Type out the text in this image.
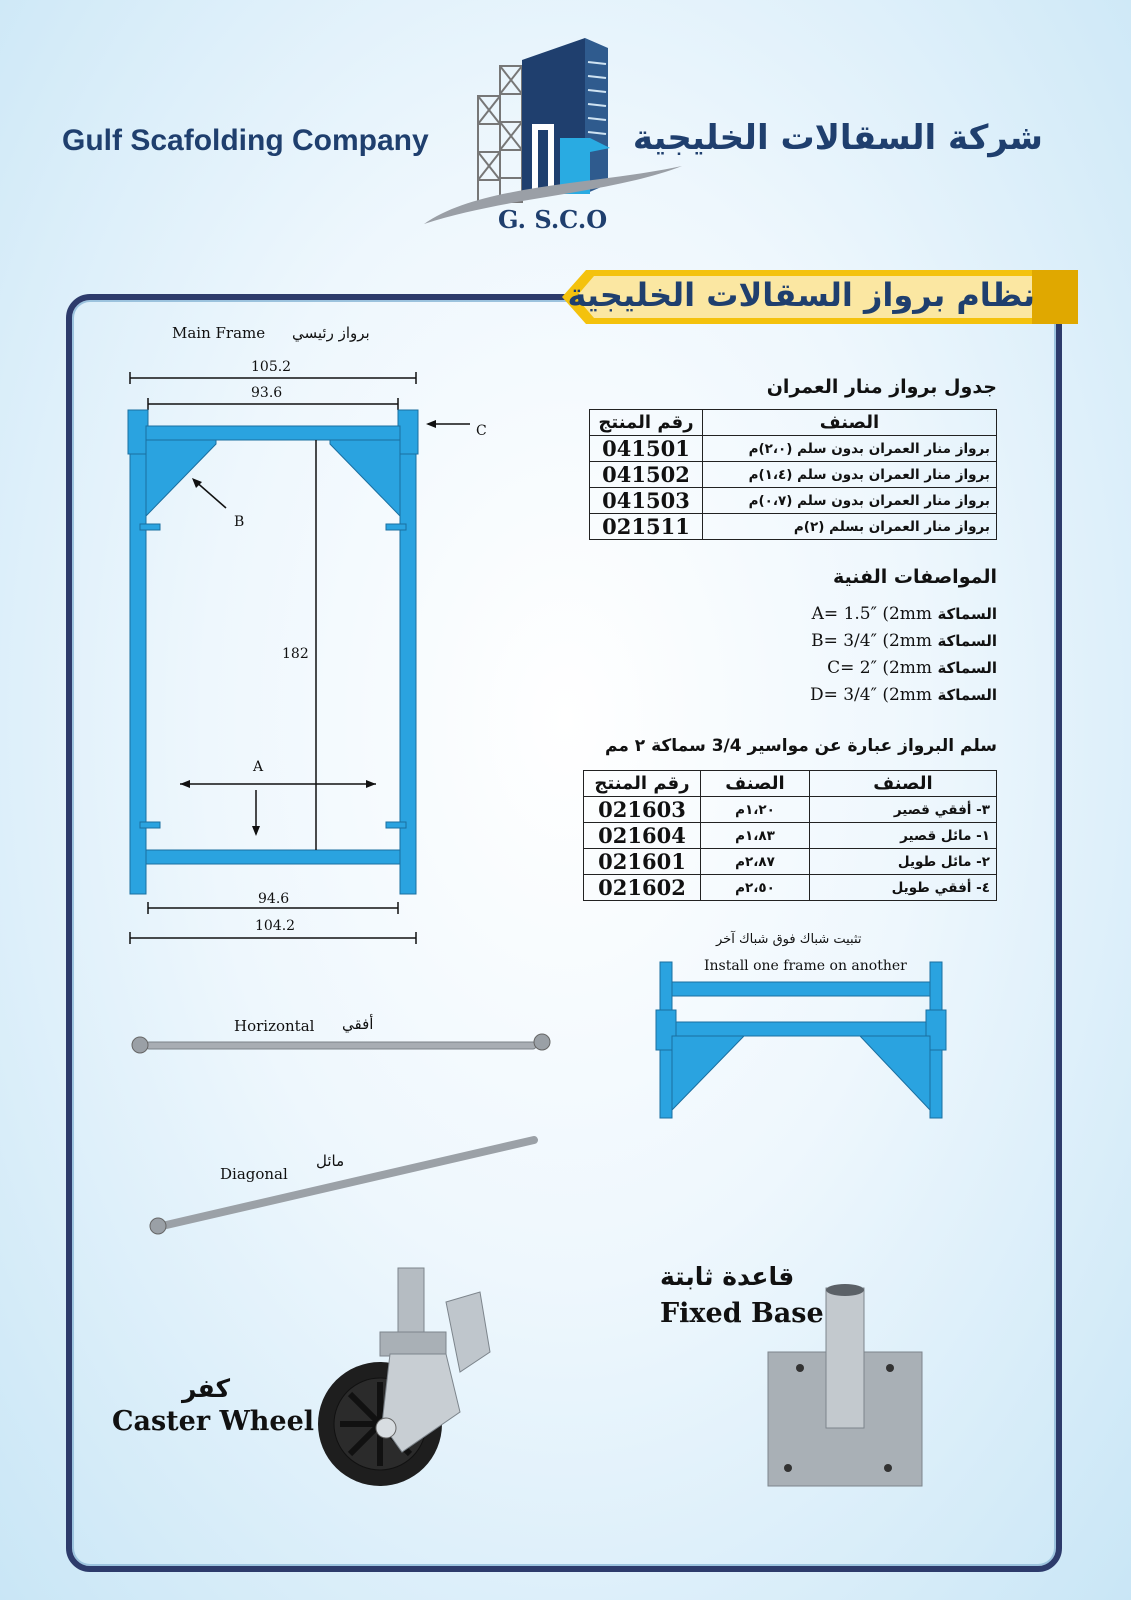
Gulf Scafolding Company	شركة السقالات الخليجية
G. S.C.O
نظام برواز السقالات الخليجية
Main Frame برواز رئيسي
105.2
93.6
182
94.6
104.2
A
B
C
جدول برواز منار العمران
رقم المنتج	الصنف
041501	برواز منار العمران بدون سلم (٢،٠)م
041502	برواز منار العمران بدون سلم (١،٤)م
041503	برواز منار العمران بدون سلم (٠،٧)م
021511	برواز منار العمران بسلم (٢)م
المواصفات الفنية
A= 1.5″ (2mm السماكة
B= 3/4″ (2mm السماكة
C= 2″ (2mm السماكة
D= 3/4″ (2mm السماكة
سلم البرواز عبارة عن مواسير 3/4 سماكة ٢ مم
رقم المنتج	الصنف	الصنف
021603	١،٢٠م	٣- أفقي قصير
021604	١،٨٣م	١- مائل قصير
021601	٢،٨٧م	٢- مائل طويل
021602	٢،٥٠م	٤- أفقي طويل
تثبيت شباك فوق شباك آخر
Install one frame on another
Horizontal أفقي
Diagonal
مائل
قاعدة ثابتة
Fixed Base
كفر
Caster Wheel
